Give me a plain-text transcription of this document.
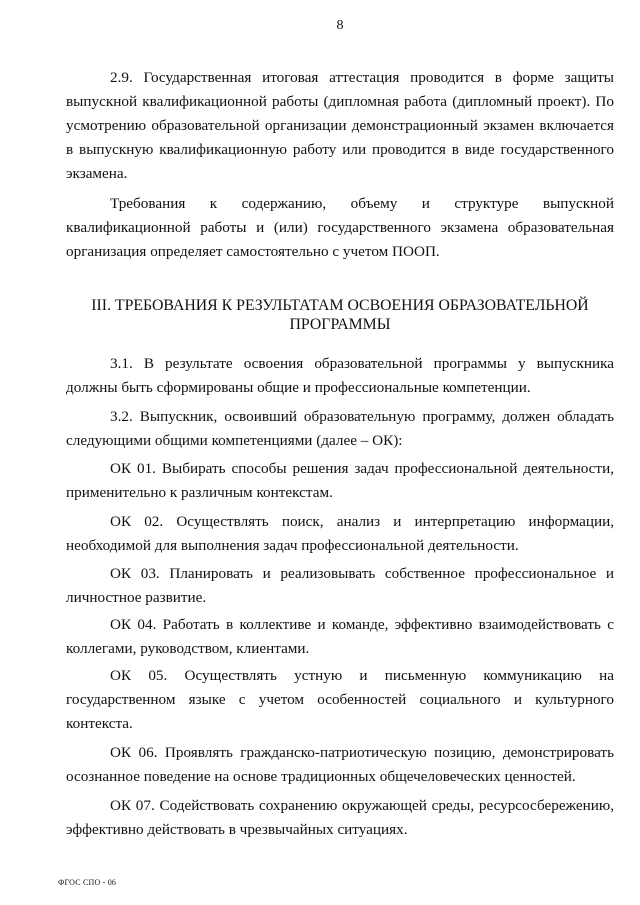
8

2.9. Государственная итоговая аттестация проводится в форме защиты выпускной квалификационной работы (дипломная работа (дипломный проект). По усмотрению образовательной организации демонстрационный экзамен включается в выпускную квалификационную работу или проводится в виде государственного экзамена.

Требования к содержанию, объему и структуре выпускной квалификационной работы и (или) государственного экзамена образовательная организация определяет самостоятельно с учетом ПООП.

III. ТРЕБОВАНИЯ К РЕЗУЛЬТАТАМ ОСВОЕНИЯ ОБРАЗОВАТЕЛЬНОЙ ПРОГРАММЫ

3.1. В результате освоения образовательной программы у выпускника должны быть сформированы общие и профессиональные компетенции.

3.2. Выпускник, освоивший образовательную программу, должен обладать следующими общими компетенциями (далее – ОК):

ОК 01. Выбирать способы решения задач профессиональной деятельности, применительно к различным контекстам.

ОК 02. Осуществлять поиск, анализ и интерпретацию информации, необходимой для выполнения задач профессиональной деятельности.

ОК 03. Планировать и реализовывать собственное профессиональное и личностное развитие.

ОК 04. Работать в коллективе и команде, эффективно взаимодействовать с коллегами, руководством, клиентами.

ОК 05. Осуществлять устную и письменную коммуникацию на государственном языке с учетом особенностей социального и культурного контекста.

ОК 06. Проявлять гражданско-патриотическую позицию, демонстрировать осознанное поведение на основе традиционных общечеловеческих ценностей.

ОК 07. Содействовать сохранению окружающей среды, ресурсосбережению, эффективно действовать в чрезвычайных ситуациях.

ФГОС СПО - 06
